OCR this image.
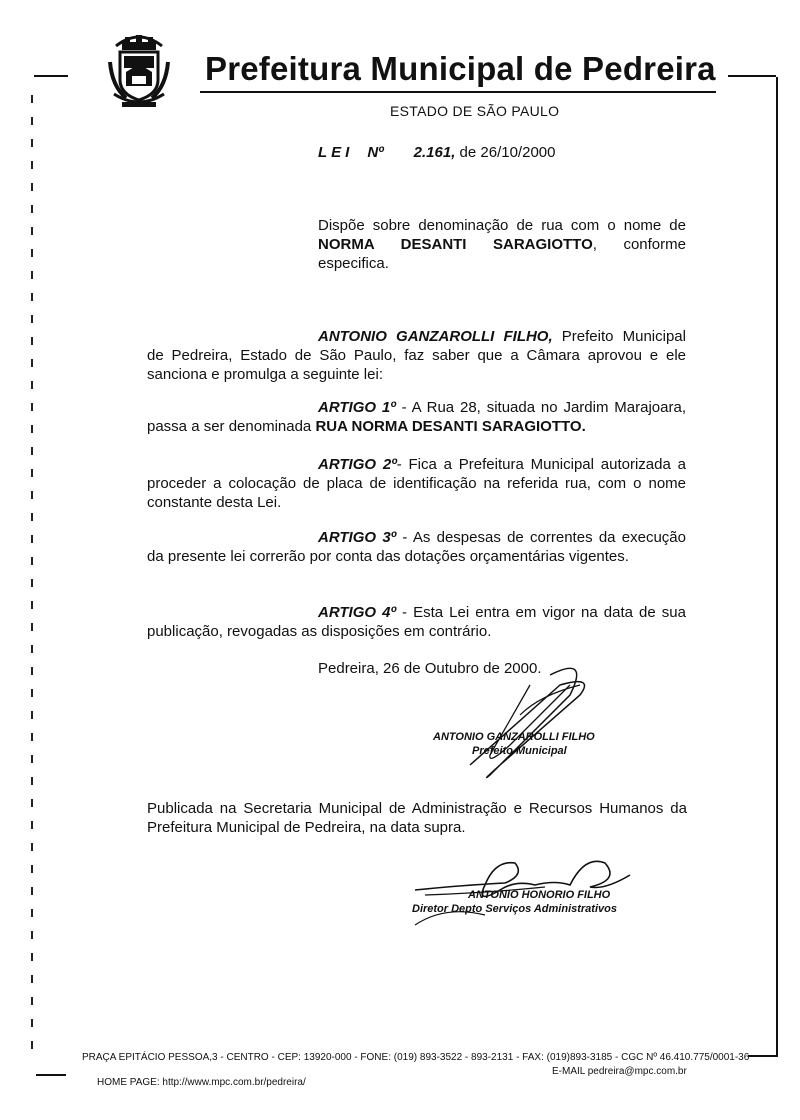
Prefeitura Municipal de Pedreira
ESTADO DE SÃO PAULO
LEI Nº 2.161, de 26/10/2000
Dispõe sobre denominação de rua com o nome de NORMA DESANTI SARAGIOTTO, conforme especifica.
ANTONIO GANZAROLLI FILHO, Prefeito Municipal de Pedreira, Estado de São Paulo, faz saber que a Câmara aprovou e ele sanciona e promulga a seguinte lei:
ARTIGO 1º - A Rua 28, situada no Jardim Marajoara, passa a ser denominada RUA NORMA DESANTI SARAGIOTTO.
ARTIGO 2º- Fica a Prefeitura Municipal autorizada a proceder a colocação de placa de identificação na referida rua, com o nome constante desta Lei.
ARTIGO 3º - As despesas de correntes da execução da presente lei correrão por conta das dotações orçamentárias vigentes.
ARTIGO 4º - Esta Lei entra em vigor na data de sua publicação, revogadas as disposições em contrário.
Pedreira, 26 de Outubro de 2000.
ANTONIO GANZAROLLI FILHO
Prefeito Municipal
Publicada na Secretaria Municipal de Administração e Recursos Humanos da Prefeitura Municipal de Pedreira, na data supra.
ANTONIO HONORIO FILHO
Diretor Depto Serviços Administrativos
PRAÇA EPITÁCIO PESSOA,3 - CENTRO - CEP: 13920-000 - FONE: (019) 893-3522 - 893-2131 - FAX: (019)893-3185 - CGC Nº 46.410.775/0001-36
HOME PAGE: http://www.mpc.com.br/pedreira/
E-MAIL pedreira@mpc.com.br
